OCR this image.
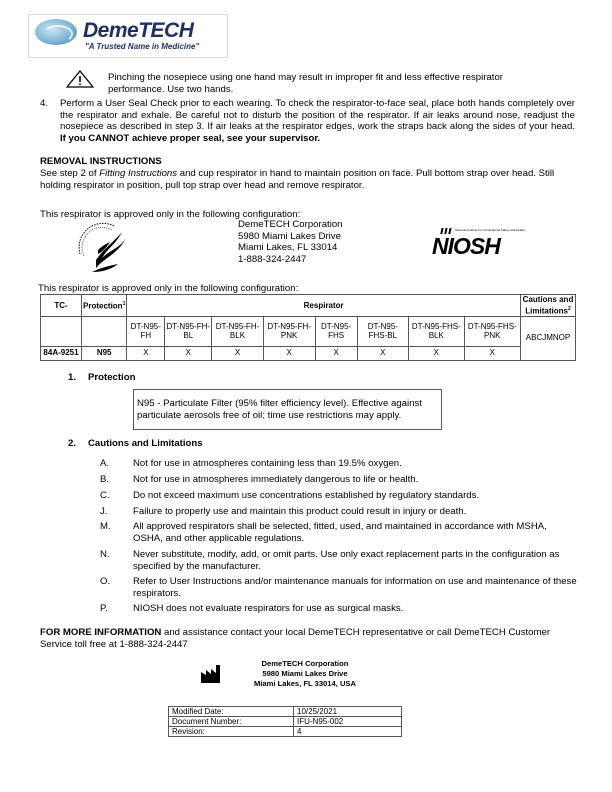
DemeTECH
"A Trusted Name in Medicine"
Pinching the nosepiece using one hand may result in improper fit and less effective respirator performance. Use two hands.
4. Perform a User Seal Check prior to each wearing. To check the respirator-to-face seal, place both hands completely over the respirator and exhale. Be careful not to disturb the position of the respirator. If air leaks around nose, readjust the nosepiece as described in step 3. If air leaks at the respirator edges, work the straps back along the sides of your head. If you CANNOT achieve proper seal, see your supervisor.
REMOVAL INSTRUCTIONS
See step 2 of Fitting Instructions and cup respirator in hand to maintain position on face. Pull bottom strap over head. Still holding respirator in position, pull top strap over head and remove respirator.
This respirator is approved only in the following configuration:
DemeTECH Corporation
5980 Miami Lakes Drive
Miami Lakes, FL 33014
1-888-324-2447
National Institute for Occupational Safety and Health
NIOSH
This respirator is approved only in the following configuration:
TC-	Protection$^1$	Respirator								Cautions and Limitations$^2$
		DT-N95-FH	DT-N95-FH-BL	DT-N95-FH-BLK	DT-N95-FH-PNK	DT-N95-FHS	DT-N95-FHS-BL	DT-N95-FHS-BLK	DT-N95-FHS-PNK	ABCJMNOP
84A-9251	N95	X	X	X	X	X	X	X	X	
1. Protection
N95 - Particulate Filter (95% filter efficiency level). Effective against particulate aerosols free of oil; time use restrictions may apply.
2. Cautions and Limitations
A. Not for use in atmospheres containing less than 19.5% oxygen.
B. Not for use in atmospheres immediately dangerous to life or health.
C. Do not exceed maximum use concentrations established by regulatory standards.
J.	Failure to properly use and maintain this product could result in injury or death.
M. All approved respirators shall be selected, fitted, used, and maintained in accordance with MSHA, OSHA, and other applicable regulations.
N. Never substitute, modify, add, or omit parts. Use only exact replacement parts in the configuration as specified by the manufacturer.
O. Refer to User Instructions and/or maintenance manuals for information on use and maintenance of these respirators.
P.	NIOSH does not evaluate respirators for use as surgical masks.
FOR MORE INFORMATION and assistance contact your local DemeTECH representative or call DemeTECH Customer Service toll free at 1-888-324-2447
DemeTECH Corporation
5980 Miami Lakes Drive
Miami Lakes, FL 33014, USA
Modified Date:	10/25/2021
Document Number:	IFU-N95-002
Revision:	4
